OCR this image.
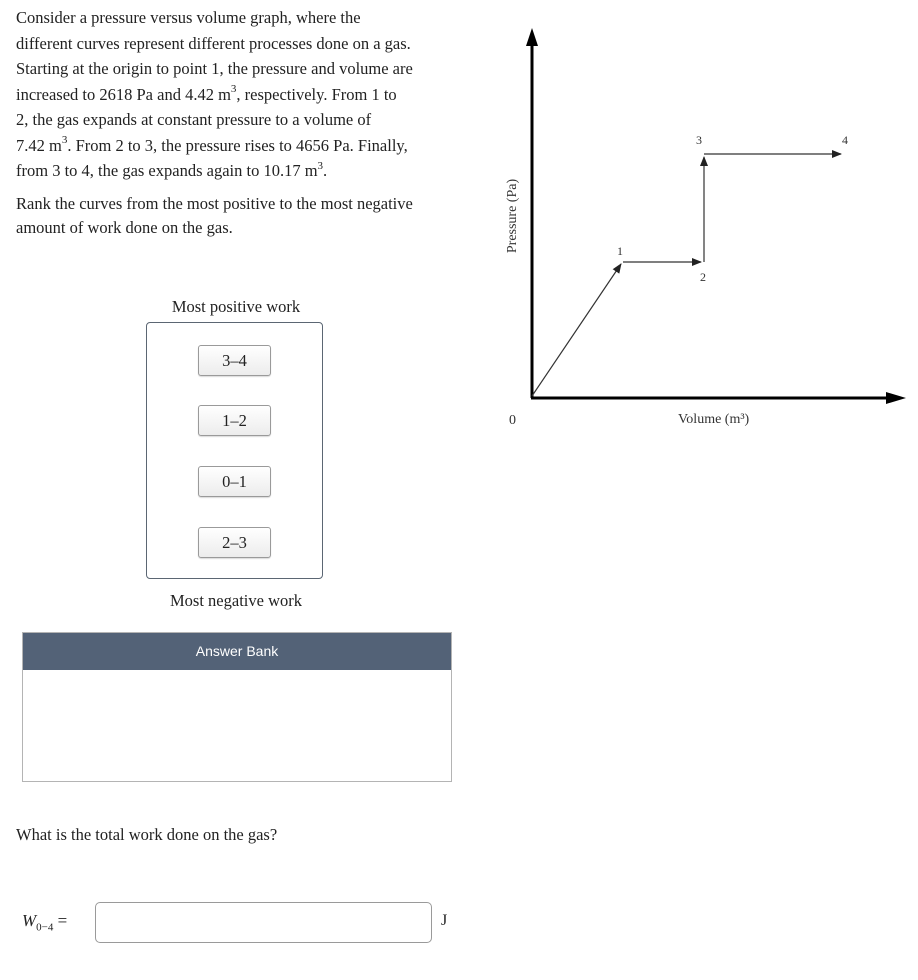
Consider a pressure versus volume graph, where the
different curves represent different processes done on a gas.
Starting at the origin to point 1, the pressure and volume are
increased to 2618 Pa and 4.42 $m^3$, respectively. From 1 to
2, the gas expands at constant pressure to a volume of
7.42 $m^3$. From 2 to 3, the pressure rises to 4656 Pa. Finally,
from 3 to 4, the gas expands again to 10.17 $m^3$.

Rank the curves from the most positive to the most negative
amount of work done on the gas.

Most positive work
3–4
1–2
0–1
2–3
Most negative work
Answer Bank
What is the total work done on the gas?
$W_{0-4}$ =	J
1
2
3	4
0	Volume (m³)
Pressure (Pa)
